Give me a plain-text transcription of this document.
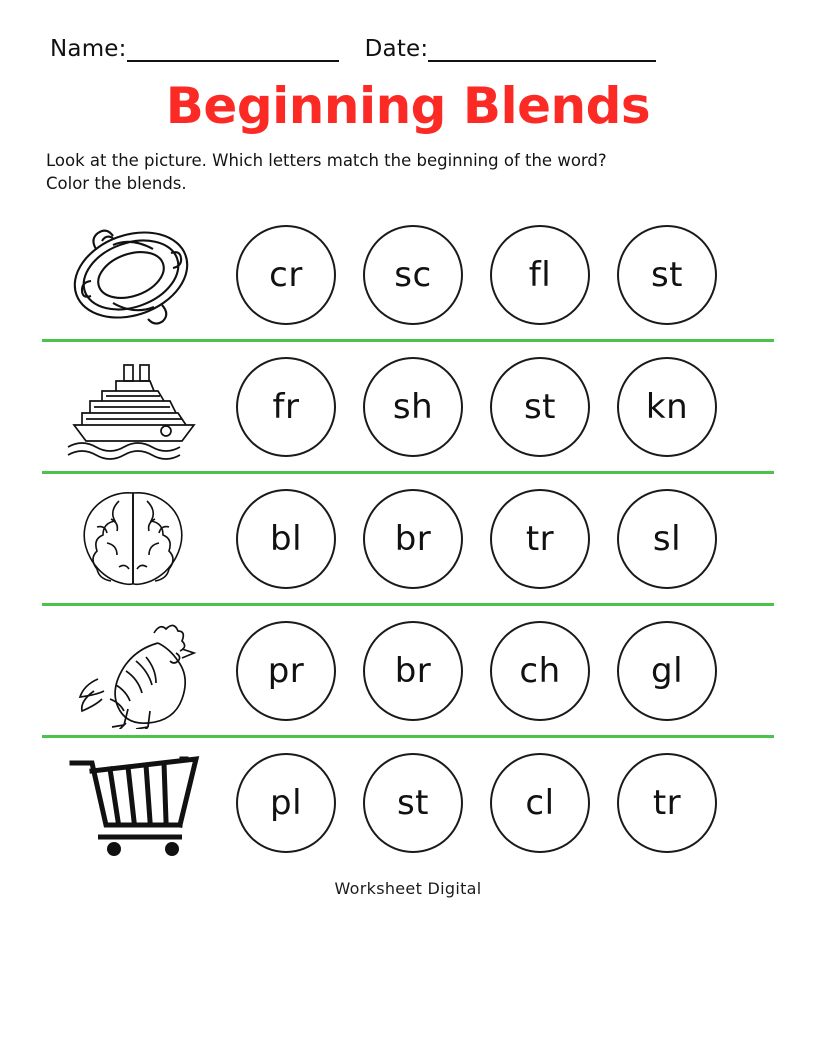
Name:	Date:
Beginning Blends
Look at the picture. Which letters match the beginning of the word?
Color the blends.
cr	sc	fl	st
fr	sh	st	kn
bl	br	tr	sl
pr	br	ch	gl
pl	st	cl	tr
Worksheet Digital
